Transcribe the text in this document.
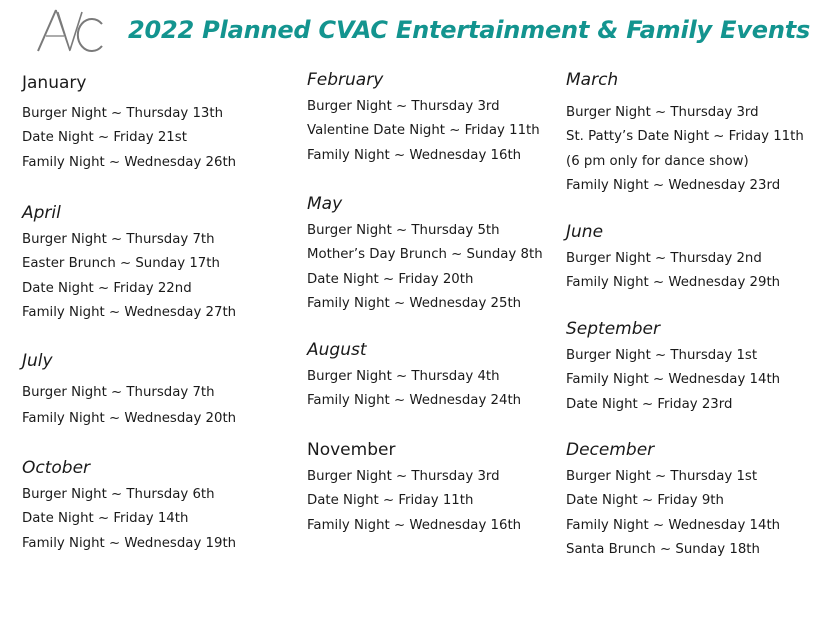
2022 Planned CVAC Entertainment & Family Events
January
Burger Night ~ Thursday 13th
Date Night ~ Friday 21st
Family Night ~ Wednesday 26th
April
Burger Night ~ Thursday 7th
Easter Brunch ~ Sunday 17th
Date Night ~ Friday 22nd
Family Night ~ Wednesday 27th
July
Burger Night ~ Thursday 7th
Family Night ~ Wednesday 20th
October
Burger Night ~ Thursday 6th
Date Night ~ Friday 14th
Family Night ~ Wednesday 19th
February
Burger Night ~ Thursday 3rd
Valentine Date Night ~ Friday 11th
Family Night ~ Wednesday 16th
May
Burger Night ~ Thursday 5th
Mother’s Day Brunch ~ Sunday 8th
Date Night ~ Friday 20th
Family Night ~ Wednesday 25th
August
Burger Night ~ Thursday 4th
Family Night ~ Wednesday 24th
November
Burger Night ~ Thursday 3rd
Date Night ~ Friday 11th
Family Night ~ Wednesday 16th
March
Burger Night ~ Thursday 3rd
St. Patty’s Date Night ~ Friday 11th
(6 pm only for dance show)
Family Night ~ Wednesday 23rd
June
Burger Night ~ Thursday 2nd
Family Night ~ Wednesday 29th
September
Burger Night ~ Thursday 1st
Family Night ~ Wednesday 14th
Date Night ~ Friday 23rd
December
Burger Night ~ Thursday 1st
Date Night ~ Friday 9th
Family Night ~ Wednesday 14th
Santa Brunch ~ Sunday 18th
